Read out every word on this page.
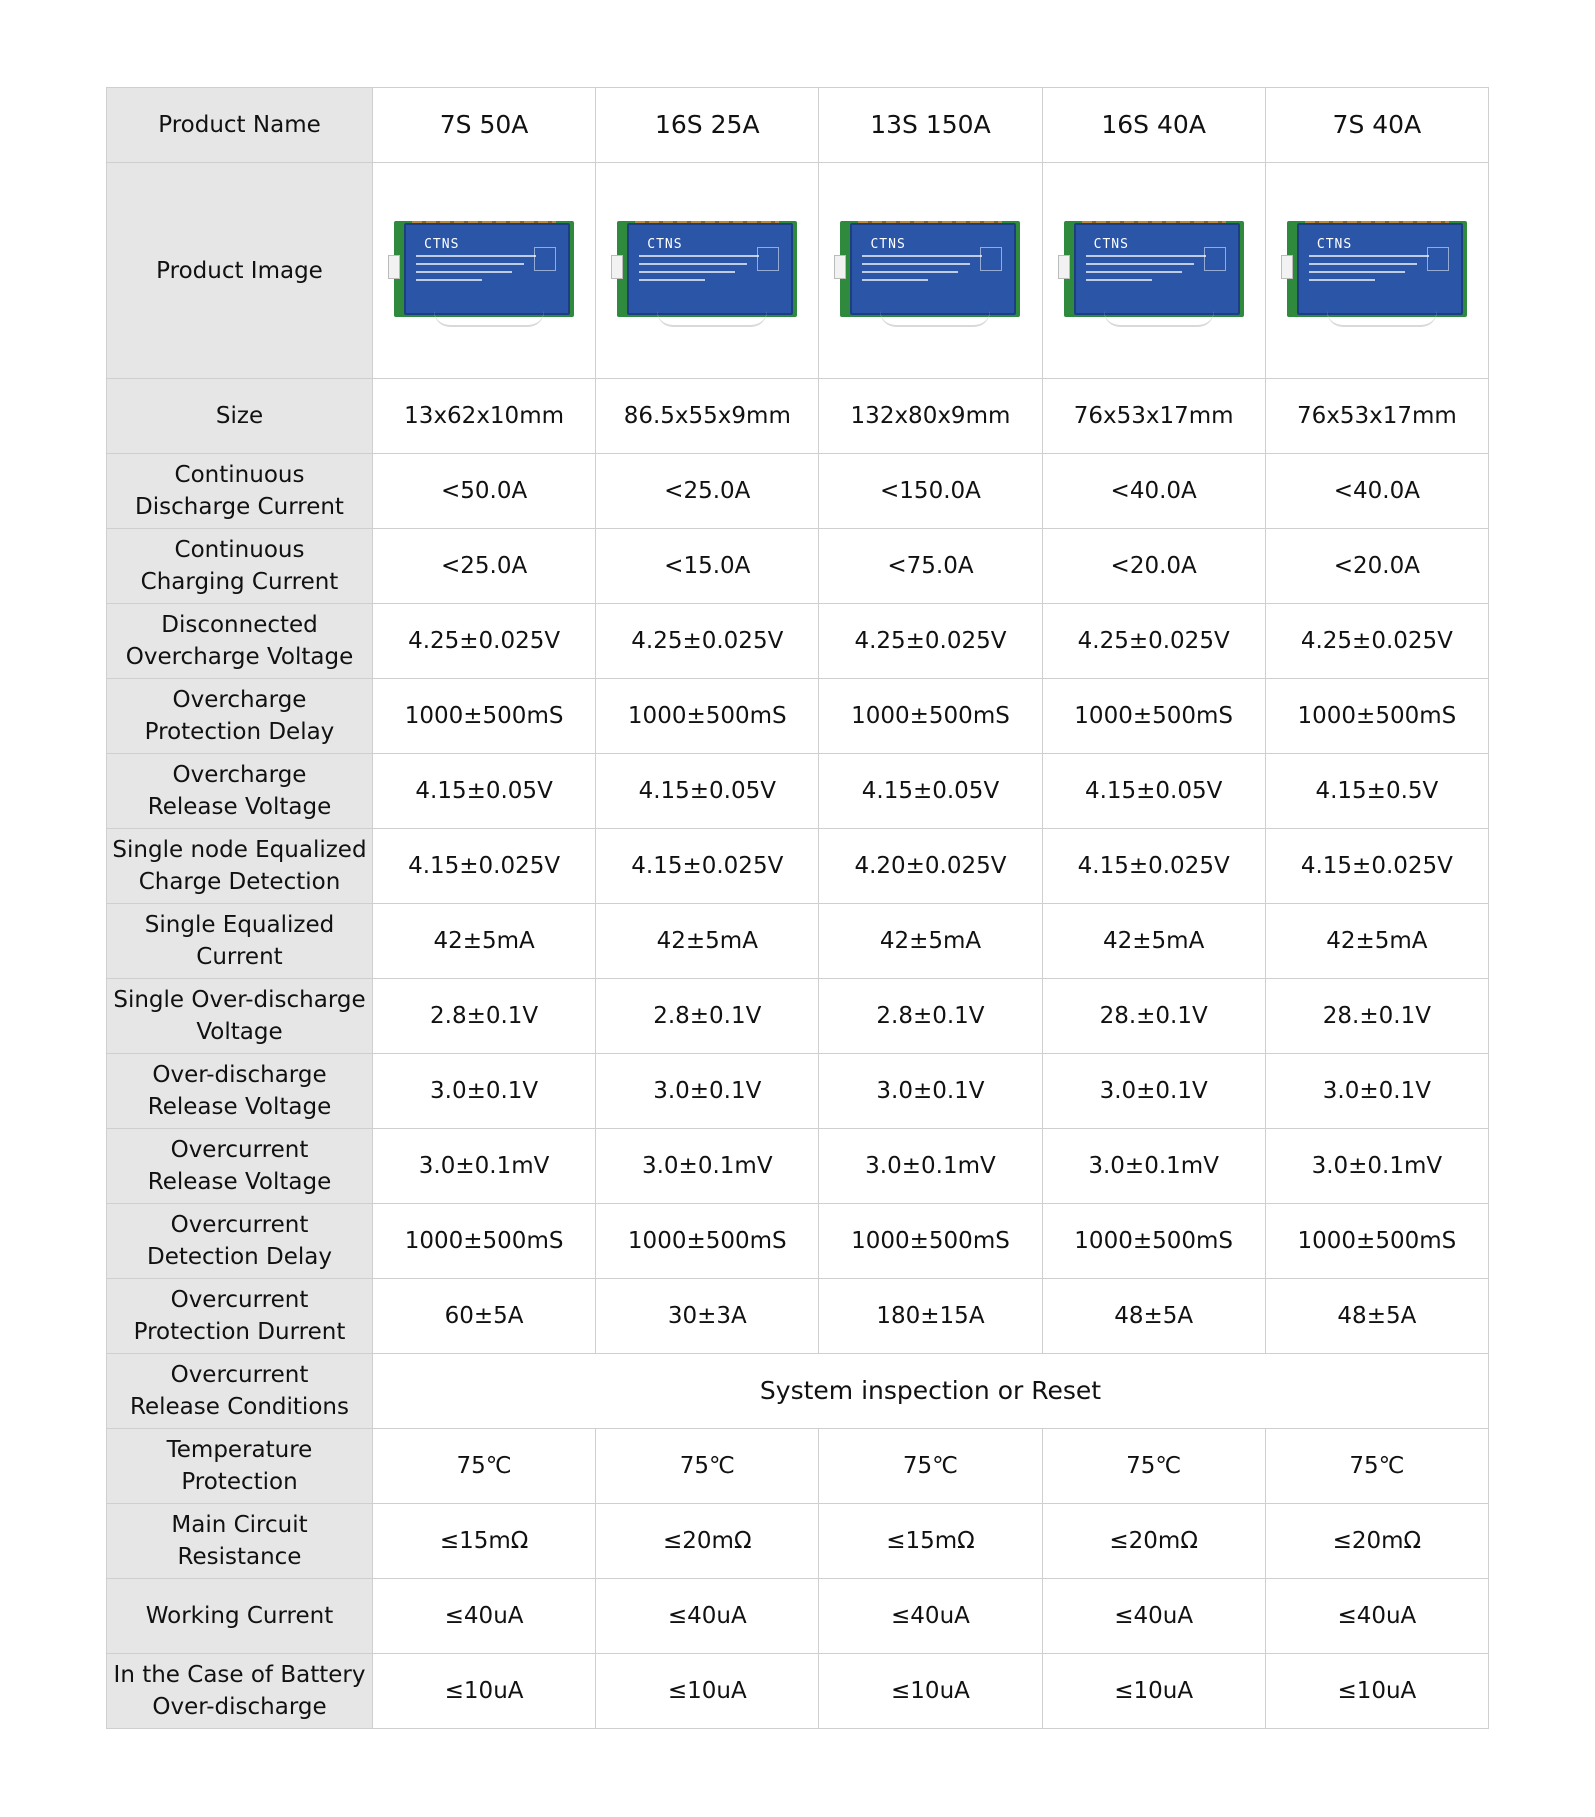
Product Name	7S 50A	16S 25A	13S 150A	16S 40A	7S 40A
Product Image	CTNS	CTNS	CTNS	CTNS	CTNS

Size	13x62x10mm	86.5x55x9mm	132x80x9mm	76x53x17mm	76x53x17mm
Continuous
Discharge Current	<50.0A	<25.0A	<150.0A	<40.0A	<40.0A
Continuous
Charging Current	<25.0A	<15.0A	<75.0A	<20.0A	<20.0A
Disconnected
Overcharge Voltage	4.25±0.025V	4.25±0.025V	4.25±0.025V	4.25±0.025V	4.25±0.025V
Overcharge
Protection Delay	1000±500mS	1000±500mS	1000±500mS	1000±500mS	1000±500mS
Overcharge
Release Voltage	4.15±0.05V	4.15±0.05V	4.15±0.05V	4.15±0.05V	4.15±0.5V
Single node Equalized
Charge Detection	4.15±0.025V	4.15±0.025V	4.20±0.025V	4.15±0.025V	4.15±0.025V
Single Equalized
Current	42±5mA	42±5mA	42±5mA	42±5mA	42±5mA
Single Over-discharge
Voltage	2.8±0.1V	2.8±0.1V	2.8±0.1V	28.±0.1V	28.±0.1V
Over-discharge
Release Voltage	3.0±0.1V	3.0±0.1V	3.0±0.1V	3.0±0.1V	3.0±0.1V
Overcurrent
Release Voltage	3.0±0.1mV	3.0±0.1mV	3.0±0.1mV	3.0±0.1mV	3.0±0.1mV
Overcurrent
Detection Delay	1000±500mS	1000±500mS	1000±500mS	1000±500mS	1000±500mS
Overcurrent
Protection Durrent	60±5A	30±3A	180±15A	48±5A	48±5A
Overcurrent
Release Conditions	System inspection or Reset				
Temperature
Protection	75℃	75℃	75℃	75℃	75℃
Main Circuit
Resistance	≤15mΩ	≤20mΩ	≤15mΩ	≤20mΩ	≤20mΩ
Working Current	≤40uA	≤40uA	≤40uA	≤40uA	≤40uA
In the Case of Battery
Over-discharge	≤10uA	≤10uA	≤10uA	≤10uA	≤10uA
